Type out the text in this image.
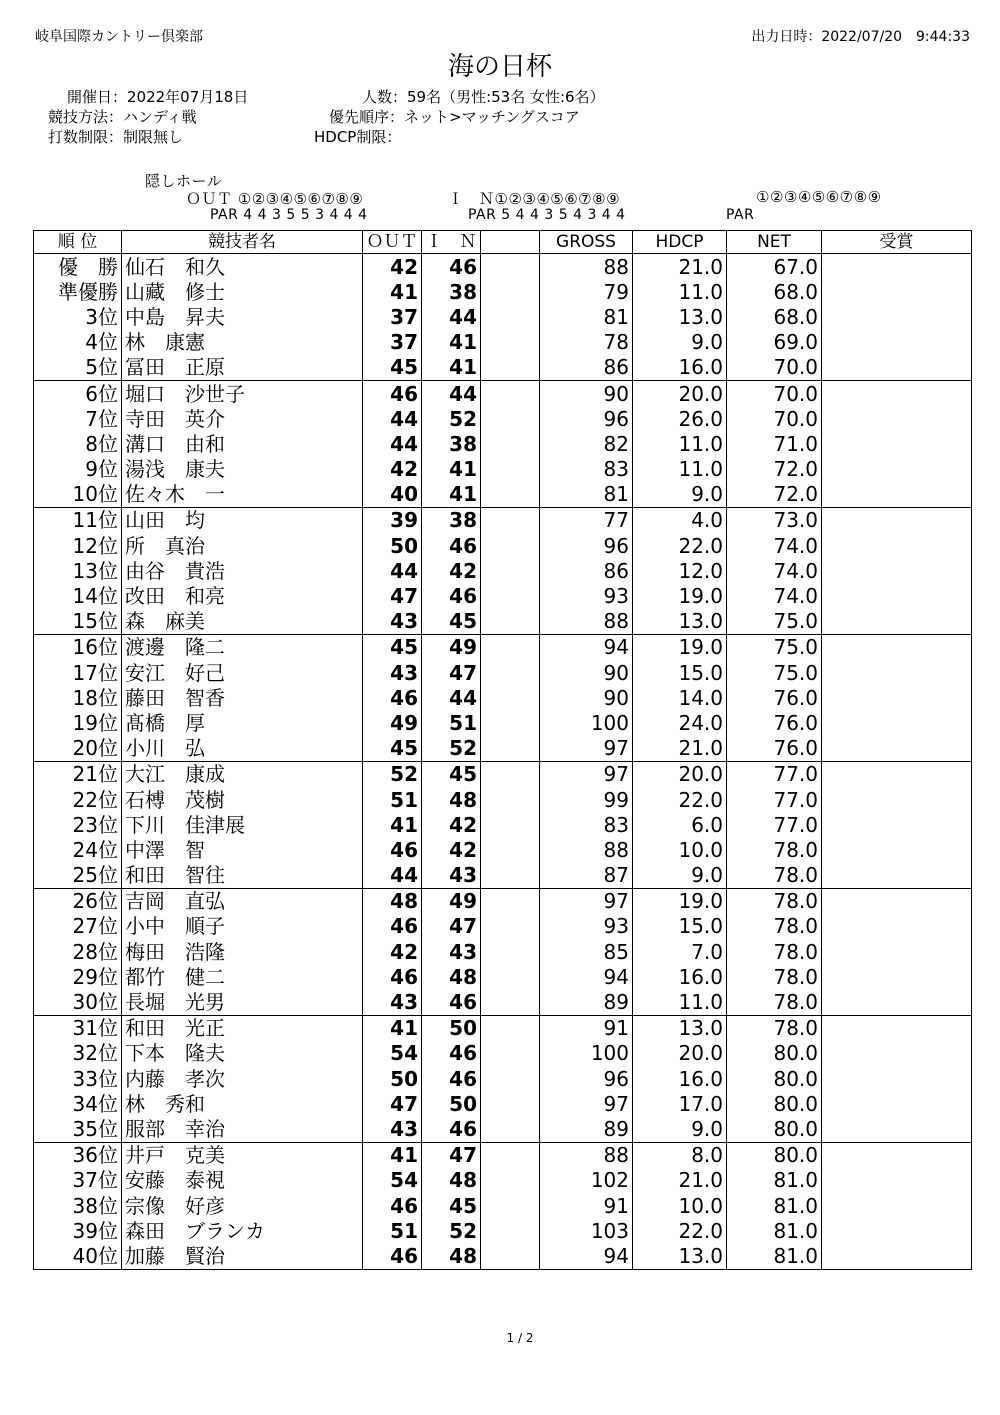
岐阜国際カントリー倶楽部	出力日時：2022/07/20　9:44:33
海の日杯
開催日：2022年07月18日	人数：59名（男性:53名 女性:6名）
競技方法：ハンディ戦	優先順序：ネット>マッチングスコア
打数制限：制限無し	HDCP制限：
隠しホール
ＯＵＴ ①②③④⑤⑥⑦⑧⑨	Ｉ　Ｎ①②③④⑤⑥⑦⑧⑨	①②③④⑤⑥⑦⑧⑨
PAR 4 4 3 5 5 3 4 4 4	PAR 5 4 4 3 5 4 3 4 4	PAR
順 位	競技者名	ＯＵＴ	Ｉ　Ｎ		GROSS	HDCP	NET	受賞
優　勝	仙石　和久	42	46		88	21.0	67.0	
準優勝	山藏　修士	41	38		79	11.0	68.0	
3位	中島　昇夫	37	44		81	13.0	68.0	
4位	林　康憲	37	41		78	9.0	69.0	
5位	冨田　正原	45	41		86	16.0	70.0	
6位	堀口　沙世子	46	44		90	20.0	70.0	
7位	寺田　英介	44	52		96	26.0	70.0	
8位	溝口　由和	44	38		82	11.0	71.0	
9位	湯浅　康夫	42	41		83	11.0	72.0	
10位	佐々木　一	40	41		81	9.0	72.0	
11位	山田　均	39	38		77	4.0	73.0	
12位	所　真治	50	46		96	22.0	74.0	
13位	由谷　貴浩	44	42		86	12.0	74.0	
14位	改田　和亮	47	46		93	19.0	74.0	
15位	森　麻美	43	45		88	13.0	75.0	
16位	渡邊　隆二	45	49		94	19.0	75.0	
17位	安江　好己	43	47		90	15.0	75.0	
18位	藤田　智香	46	44		90	14.0	76.0	
19位	髙橋　厚	49	51		100	24.0	76.0	
20位	小川　弘	45	52		97	21.0	76.0	
21位	大江　康成	52	45		97	20.0	77.0	
22位	石榑　茂樹	51	48		99	22.0	77.0	
23位	下川　佳津展	41	42		83	6.0	77.0	
24位	中澤　智	46	42		88	10.0	78.0	
25位	和田　智往	44	43		87	9.0	78.0	
26位	吉岡　直弘	48	49		97	19.0	78.0	
27位	小中　順子	46	47		93	15.0	78.0	
28位	梅田　浩隆	42	43		85	7.0	78.0	
29位	都竹　健二	46	48		94	16.0	78.0	
30位	長堀　光男	43	46		89	11.0	78.0	
31位	和田　光正	41	50		91	13.0	78.0	
32位	下本　隆夫	54	46		100	20.0	80.0	
33位	内藤　孝次	50	46		96	16.0	80.0	
34位	林　秀和	47	50		97	17.0	80.0	
35位	服部　幸治	43	46		89	9.0	80.0	
36位	井戸　克美	41	47		88	8.0	80.0	
37位	安藤　泰視	54	48		102	21.0	81.0	
38位	宗像　好彦	46	45		91	10.0	81.0	
39位	森田　ブランカ	51	52		103	22.0	81.0	
40位	加藤　賢治	46	48		94	13.0	81.0	
1 / 2
